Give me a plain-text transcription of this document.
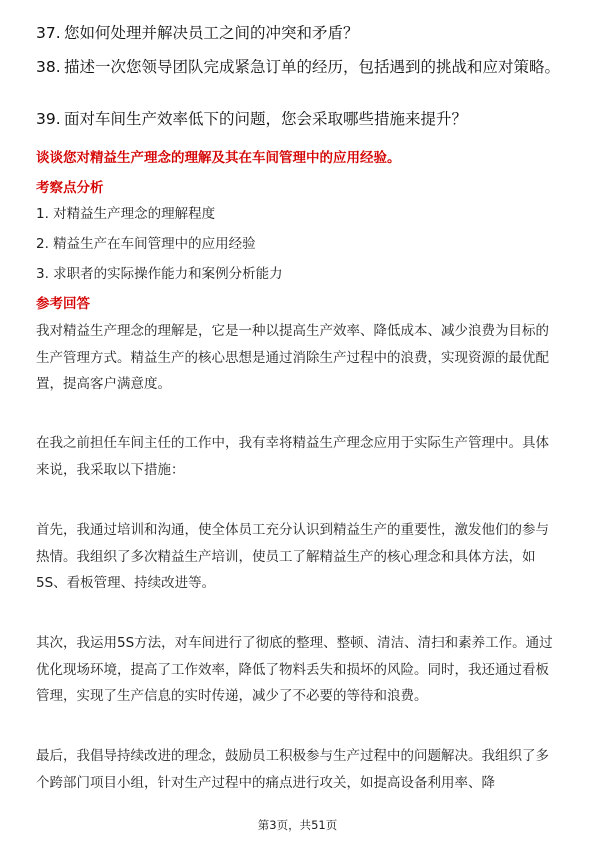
37. 您如何处理并解决员工之间的冲突和矛盾？
38. 描述一次您领导团队完成紧急订单的经历，包括遇到的挑战和应对策略。
39. 面对车间生产效率低下的问题，您会采取哪些措施来提升？
谈谈您对精益生产理念的理解及其在车间管理中的应用经验。
考察点分析
1. 对精益生产理念的理解程度
2. 精益生产在车间管理中的应用经验
3. 求职者的实际操作能力和案例分析能力
参考回答
我对精益生产理念的理解是，它是一种以提高生产效率、降低成本、减少浪费为目标的生产管理方式。精益生产的核心思想是通过消除生产过程中的浪费，实现资源的最优配置，提高客户满意度。
在我之前担任车间主任的工作中，我有幸将精益生产理念应用于实际生产管理中。具体来说，我采取以下措施：
首先，我通过培训和沟通，使全体员工充分认识到精益生产的重要性，激发他们的参与热情。我组织了多次精益生产培训，使员工了解精益生产的核心理念和具体方法，如5S、看板管理、持续改进等。
其次，我运用5S方法，对车间进行了彻底的整理、整顿、清洁、清扫和素养工作。通过优化现场环境，提高了工作效率，降低了物料丢失和损坏的风险。同时，我还通过看板管理，实现了生产信息的实时传递，减少了不必要的等待和浪费。
最后，我倡导持续改进的理念，鼓励员工积极参与生产过程中的问题解决。我组织了多个跨部门项目小组，针对生产过程中的痛点进行攻关，如提高设备利用率、降
第3页，共51页
